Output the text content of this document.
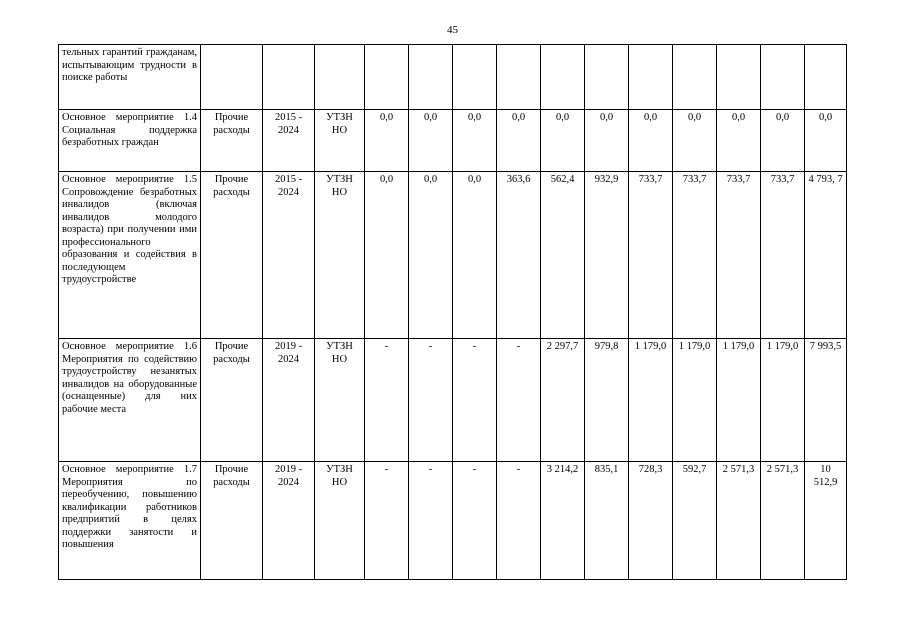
45
тельных гарантий гражданам, испытывающим трудности в поиске работы														
Основное мероприятие 1.4 Социальная поддержка безработных граждан	Прочие расходы	2015 - 2024	УТЗН НО	0,0	0,0	0,0	0,0	0,0	0,0	0,0	0,0	0,0	0,0	0,0
Основное мероприятие 1.5 Сопровождение безработных инвалидов (включая инвалидов молодого возраста) при получении ими профессионального образования и содействия в последующем трудоустройстве	Прочие расходы	2015 - 2024	УТЗН НО	0,0	0,0	0,0	363,6	562,4	932,9	733,7	733,7	733,7	733,7	4 793, 7
Основное мероприятие 1.6 Мероприятия по содействию трудоустройству незанятых инвалидов на оборудованные (оснащенные) для них рабочие места	Прочие расходы	2019 - 2024	УТЗН НО	-	-	-	-	2 297,7	979,8	1 179,0	1 179,0	1 179,0	1 179,0	7 993,5
Основное мероприятие 1.7 Мероприятия по переобучению, повышению квалификации работников предприятий в целях поддержки занятости и повышения	Прочие расходы	2019 - 2024	УТЗН НО	-	-	-	-	3 214,2	835,1	728,3	592,7	2 571,3	2 571,3	10 512,9
